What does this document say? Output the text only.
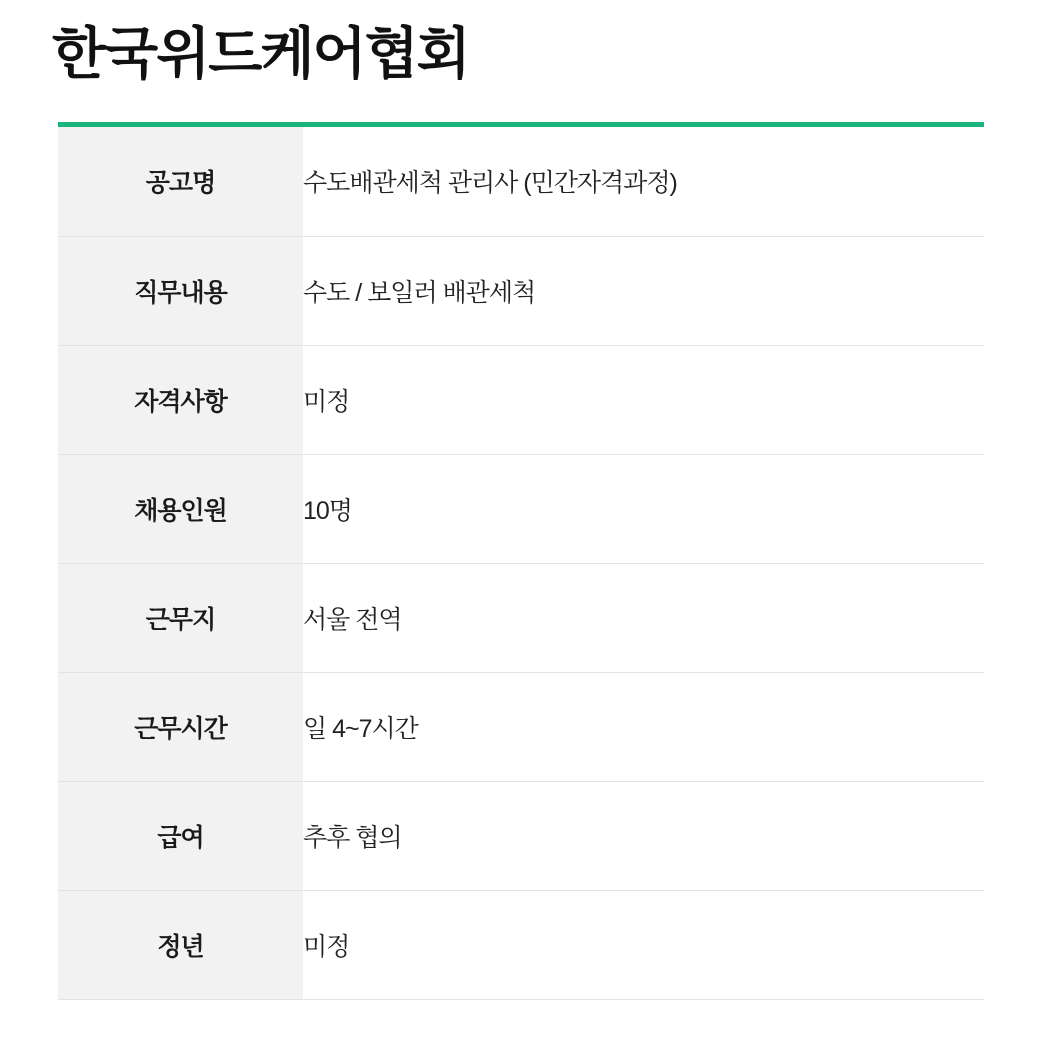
한국위드케어협회
공고명	수도배관세척 관리사 (민간자격과정)
직무내용	수도 / 보일러 배관세척
자격사항	미정
채용인원	10명
근무지	서울 전역
근무시간	일 4~7시간
급여	추후 협의
정년	미정
